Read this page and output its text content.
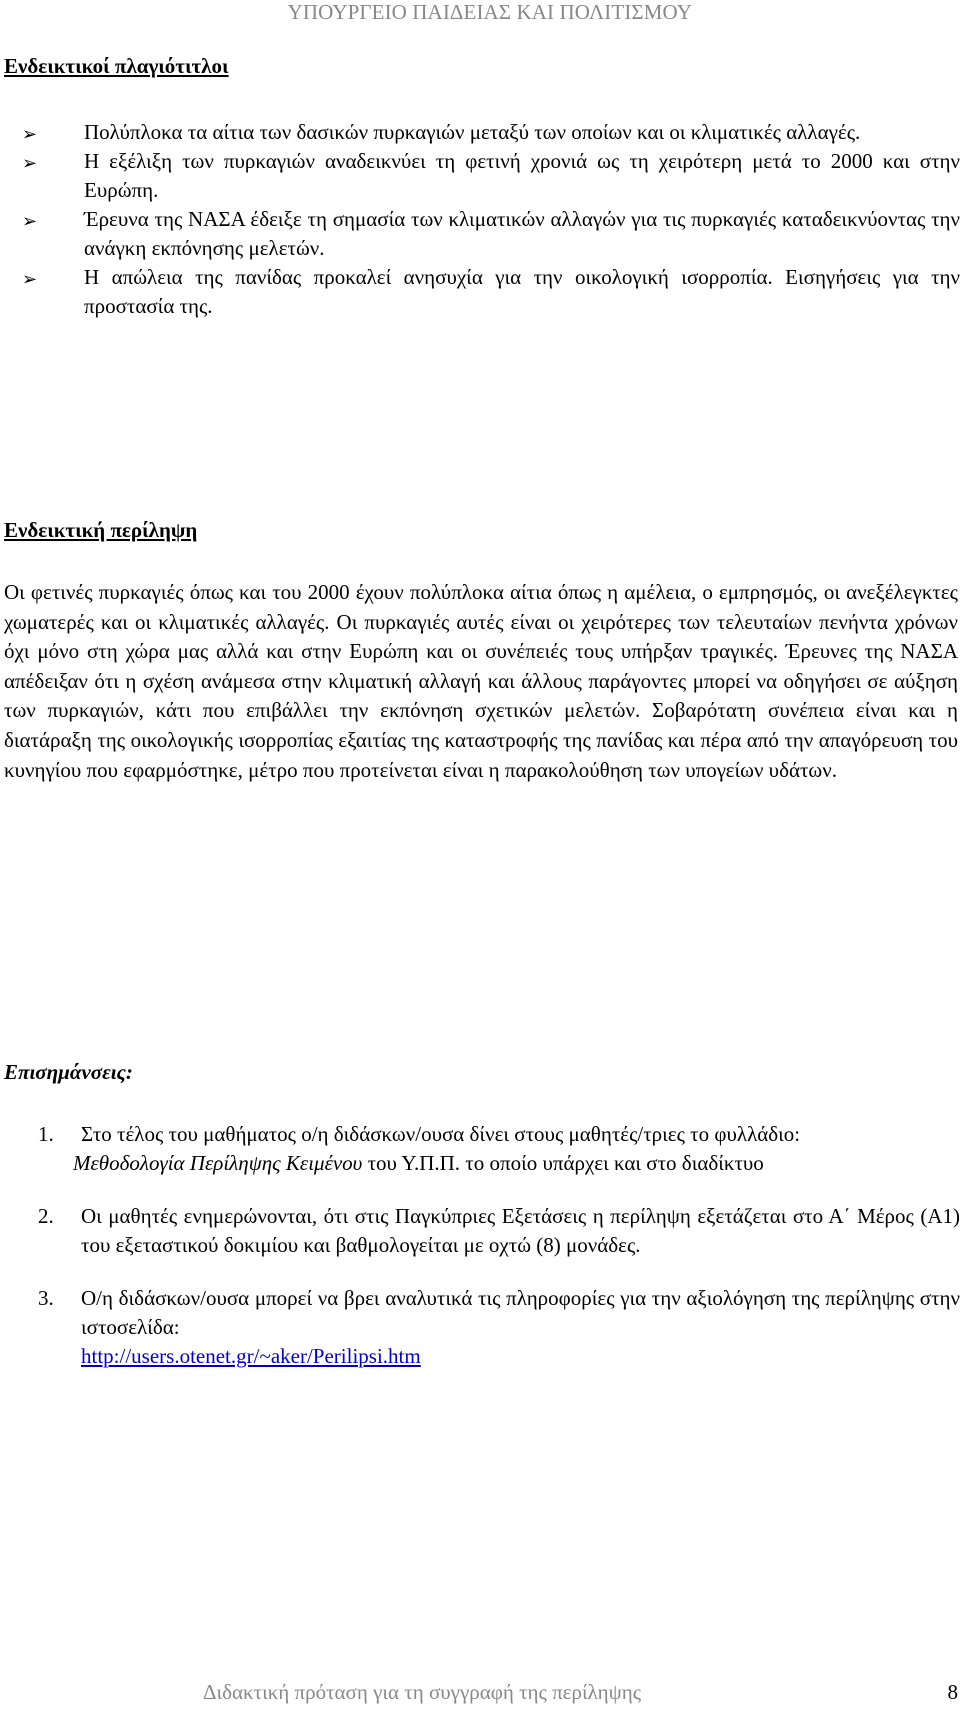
ΥΠΟΥΡΓΕΙΟ ΠΑΙΔΕΙΑΣ ΚΑΙ ΠΟΛΙΤΙΣΜΟΥ
Ενδεικτικοί πλαγιότιτλοι
➢ Πολύπλοκα τα αίτια των δασικών πυρκαγιών μεταξύ των οποίων και οι κλιματικές αλλαγές.
➢ Η εξέλιξη των πυρκαγιών αναδεικνύει τη φετινή χρονιά ως τη χειρότερη μετά το 2000 και στην Ευρώπη.
➢ Έρευνα της ΝΑΣΑ έδειξε τη σημασία των κλιματικών αλλαγών για τις πυρκαγιές καταδεικνύοντας την ανάγκη εκπόνησης μελετών.
➢ Η απώλεια της πανίδας προκαλεί ανησυχία για την οικολογική ισορροπία. Εισηγήσεις για την προστασία της.
Ενδεικτική περίληψη

Οι φετινές πυρκαγιές όπως και του 2000 έχουν πολύπλοκα αίτια όπως η αμέλεια, ο εμπρησμός, οι ανεξέλεγκτες χωματερές και οι κλιματικές αλλαγές. Οι πυρκαγιές αυτές είναι οι χειρότερες των τελευταίων πενήντα χρόνων όχι μόνο στη χώρα μας αλλά και στην Ευρώπη και οι συνέπειές τους υπήρξαν τραγικές. Έρευνες της ΝΑΣΑ απέδειξαν ότι η σχέση ανάμεσα στην κλιματική αλλαγή και άλλους παράγοντες μπορεί να οδηγήσει σε αύξηση των πυρκαγιών, κάτι που επιβάλλει την εκπόνηση σχετικών μελετών. Σοβαρότατη συνέπεια είναι και η διατάραξη της οικολογικής ισορροπίας εξαιτίας της καταστροφής της πανίδας και πέρα από την απαγόρευση του κυνηγίου που εφαρμόστηκε, μέτρο που προτείνεται είναι η παρακολούθηση των υπογείων υδάτων.

Επισημάνσεις:
1. Στο τέλος του μαθήματος ο/η διδάσκων/ουσα δίνει στους μαθητές/τριες το φυλλάδιο:
Μεθοδολογία Περίληψης Κειμένου του Υ.Π.Π. το οποίο υπάρχει και στο διαδίκτυο
2. Οι μαθητές ενημερώνονται, ότι στις Παγκύπριες Εξετάσεις η περίληψη εξετάζεται στο Α΄ Μέρος (Α1) του εξεταστικού δοκιμίου και βαθμολογείται με οχτώ (8) μονάδες.
3. Ο/η διδάσκων/ουσα μπορεί να βρει αναλυτικά τις πληροφορίες για την αξιολόγηση της περίληψης στην ιστοσελίδα:
http://users.otenet.gr/~aker/Perilipsi.htm
Διδακτική πρόταση για τη συγγραφή της περίληψης	8
